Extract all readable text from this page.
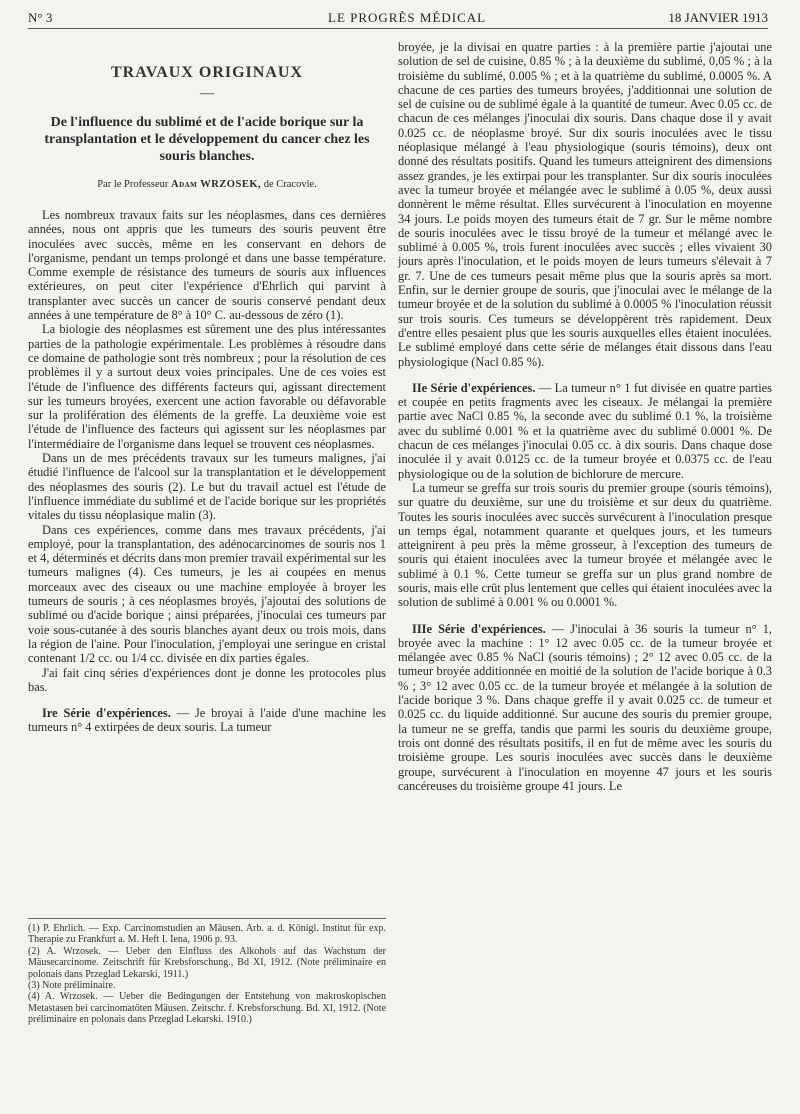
N° 3	LE PROGRÈS MÉDICAL	18 JANVIER 1913
TRAVAUX ORIGINAUX
—
De l'influence du sublimé et de l'acide borique sur la transplantation et le développement du cancer chez les souris blanches.
Par le Professeur Adam WRZOSEK, de Cracovie.

Les nombreux travaux faits sur les néoplasmes, dans ces dernières années, nous ont appris que les tumeurs des souris peuvent être inoculées avec succès, même en les conservant en dehors de l'organisme, pendant un temps prolongé et dans une basse température. Comme exemple de résistance des tumeurs de souris aux influences extérieures, on peut citer l'expérience d'Ehrlich qui parvint à transplanter avec succès un cancer de souris conservé pendant deux années à une température de 8° à 10° C. au-dessous de zéro (1).

La biologie des néoplasmes est sûrement une des plus intéressantes parties de la pathologie expérimentale. Les problèmes à résoudre dans ce domaine de pathologie sont très nombreux ; pour la résolution de ces problèmes il y a surtout deux voies principales. Une de ces voies est l'étude de l'influence des différents facteurs qui, agissant directement sur les tumeurs broyées, exercent une action favorable ou défavorable sur la prolifération des éléments de la greffe. La deuxième voie est l'étude de l'influence des facteurs qui agissent sur les néoplasmes par l'intermédiaire de l'organisme dans lequel se trouvent ces néoplasmes.

Dans un de mes précédents travaux sur les tumeurs malignes, j'ai étudié l'influence de l'alcool sur la transplantation et le développement des néoplasmes des souris (2). Le but du travail actuel est l'étude de l'influence immédiate du sublimé et de l'acide borique sur les propriétés vitales du tissu néoplasique malin (3).

Dans ces expériences, comme dans mes travaux précédents, j'ai employé, pour la transplantation, des adénocarcinomes de souris nos 1 et 4, déterminés et décrits dans mon premier travail expérimental sur les tumeurs malignes (4). Ces tumeurs, je les ai coupées en menus morceaux avec des ciseaux ou une machine employée à broyer les tumeurs de souris ; à ces néoplasmes broyés, j'ajoutai des solutions de sublimé ou d'acide borique ; ainsi préparées, j'inoculai ces tumeurs par voie sous-cutanée à des souris blanches ayant deux ou trois mois, dans la région de l'aine. Pour l'inoculation, j'employai une seringue en cristal contenant 1/2 cc. ou 1/4 cc. divisée en dix parties égales.

J'ai fait cinq séries d'expériences dont je donne les protocoles plus bas.

Ire Série d'expériences. — Je broyai à l'aide d'une machine les tumeurs n° 4 extirpées de deux souris. La tumeur

(1) P. Ehrlich. — Exp. Carcinomstudien an Mäusen. Arb. a. d. Königl. Institut für exp. Therapie zu Frankfurt a. M. Heft I. Iena, 1906 p. 93.
(2) A. Wrzosek. — Ueber den Einfluss des Alkohols auf das Wachstum der Mäusecarcinome. Zeitschrift für Krebsforschung., Bd XI, 1912. (Note préliminaire en polonais dans Przeglad Lekarski, 1911.)
(3) Note préliminaire.
(4) A. Wrzosek. — Ueber die Bedingungen der Entstehung von makroskopischen Metastasen bei carcinomatöten Mäusen. Zeitschr. f. Krebsforschung. Bd. XI, 1912. (Note préliminaire en polonais dans Przeglad Lekarski. 1910.)

broyée, je la divisai en quatre parties : à la première partie j'ajoutai une solution de sel de cuisine, 0.85 % ; à la deuxième du sublimé, 0,05 % ; à la troisième du sublimé, 0.005 % ; et à la quatrième du sublimé, 0.0005 %. A chacune de ces parties des tumeurs broyées, j'additionnai une solution de sel de cuisine ou de sublimé égale à la quantité de tumeur. Avec 0.05 cc. de chacun de ces mélanges j'inoculai dix souris. Dans chaque dose il y avait 0.025 cc. de néoplasme broyé. Sur dix souris inoculées avec le tissu néoplasique mélangé à l'eau physiologique (souris témoins), deux ont donné des résultats positifs. Quand les tumeurs atteignirent des dimensions assez grandes, je les extirpai pour les transplanter. Sur dix souris inoculées avec la tumeur broyée et mélangée avec le sublimé à 0.05 %, deux aussi donnèrent le même résultat. Elles survécurent à l'inoculation en moyenne 34 jours. Le poids moyen des tumeurs était de 7 gr. Sur le même nombre de souris inoculées avec le tissu broyé de la tumeur et mélangé avec le sublimé à 0.005 %, trois furent inoculées avec succès ; elles vivaient 30 jours après l'inoculation, et le poids moyen de leurs tumeurs s'élevait à 7 gr. 7. Une de ces tumeurs pesait même plus que la souris après sa mort. Enfin, sur le dernier groupe de souris, que j'inoculai avec le mélange de la tumeur broyée et de la solution du sublimé à 0.0005 % l'inoculation réussit sur trois souris. Ces tumeurs se développèrent très rapidement. Deux d'entre elles pesaient plus que les souris auxquelles elles étaient inoculées. Le sublimé employé dans cette série de mélanges était dissous dans l'eau physiologique (Nacl 0.85 %).

IIe Série d'expériences. — La tumeur n° 1 fut divisée en quatre parties et coupée en petits fragments avec les ciseaux. Je mélangai la première partie avec NaCl 0.85 %, la seconde avec du sublimé 0.1 %, la troisième avec du sublimé 0.001 % et la quatrième avec du sublimé 0.0001 %. De chacun de ces mélanges j'inoculai 0.05 cc. à dix souris. Dans chaque dose inoculée il y avait 0.0125 cc. de la tumeur broyée et 0.0375 cc. de l'eau physiologique ou de la solution de bichlorure de mercure.

La tumeur se greffa sur trois souris du premier groupe (souris témoins), sur quatre du deuxième, sur une du troisième et sur deux du quatrième. Toutes les souris inoculées avec succès survécurent à l'inoculation presque un temps égal, notamment quarante et quelques jours, et les tumeurs atteignirent à peu près la même grosseur, à l'exception des tumeurs de souris qui étaient inoculées avec la tumeur broyée et mélangée avec le sublimé à 0.1 %. Cette tumeur se greffa sur un plus grand nombre de souris, mais elle crût plus lentement que celles qui étaient inoculées avec la solution de sublimé à 0.001 % ou 0.0001 %.

IIIe Série d'expériences. — J'inoculai à 36 souris la tumeur n° 1, broyée avec la machine : 1° 12 avec 0.05 cc. de la tumeur broyée et mélangée avec 0.85 % NaCl (souris témoins) ; 2° 12 avec 0.05 cc. de la tumeur broyée additionnée en moitié de la solution de l'acide borique à 0.3 % ; 3° 12 avec 0.05 cc. de la tumeur broyée et mélangée à la solution de l'acide borique 3 %. Dans chaque greffe il y avait 0.025 cc. de tumeur et 0.025 cc. du liquide additionné. Sur aucune des souris du premier groupe, la tumeur ne se greffa, tandis que parmi les souris du deuxième groupe, trois ont donné des résultats positifs, il en fut de même avec les souris du troisième groupe. Les souris inoculées avec succès dans le deuxième groupe, survécurent à l'inoculation en moyenne 47 jours et les souris cancéreuses du troisième groupe 41 jours. Le
